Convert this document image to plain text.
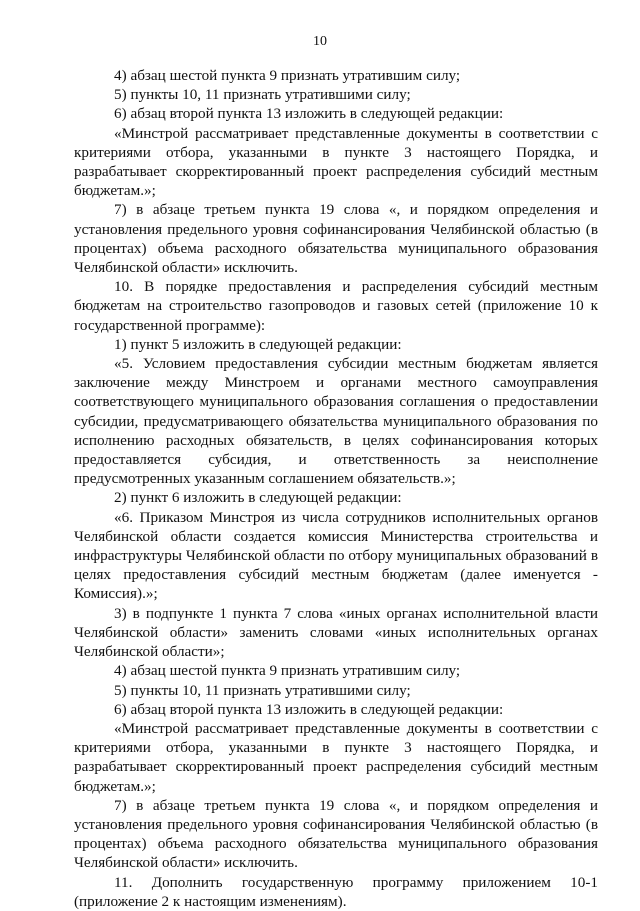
10

4) абзац шестой пункта 9 признать утратившим силу;

5) пункты 10, 11 признать утратившими силу;

6) абзац второй пункта 13 изложить в следующей редакции:

«Минстрой рассматривает представленные документы в соответствии с критериями отбора, указанными в пункте 3 настоящего Порядка, и разрабатывает скорректированный проект распределения субсидий местным бюджетам.»;

7) в абзаце третьем пункта 19 слова «, и порядком определения и установления предельного уровня софинансирования Челябинской областью (в процентах) объема расходного обязательства муниципального образования Челябинской области» исключить.

10. В порядке предоставления и распределения субсидий местным бюджетам на строительство газопроводов и газовых сетей (приложение 10 к государственной программе):

1) пункт 5 изложить в следующей редакции:

«5. Условием предоставления субсидии местным бюджетам является заключение между Минстроем и органами местного самоуправления соответствующего муниципального образования соглашения о предоставлении субсидии, предусматривающего обязательства муниципального образования по исполнению расходных обязательств, в целях софинансирования которых предоставляется субсидия, и ответственность за неисполнение предусмотренных указанным соглашением обязательств.»;

2) пункт 6 изложить в следующей редакции:

«6. Приказом Минстроя из числа сотрудников исполнительных органов Челябинской области создается комиссия Министерства строительства и инфраструктуры Челябинской области по отбору муниципальных образований в целях предоставления субсидий местным бюджетам (далее именуется - Комиссия).»;

3) в подпункте 1 пункта 7 слова «иных органах исполнительной власти Челябинской области» заменить словами «иных исполнительных органах Челябинской области»;

4) абзац шестой пункта 9 признать утратившим силу;

5) пункты 10, 11 признать утратившими силу;

6) абзац второй пункта 13 изложить в следующей редакции:

«Минстрой рассматривает представленные документы в соответствии с критериями отбора, указанными в пункте 3 настоящего Порядка, и разрабатывает скорректированный проект распределения субсидий местным бюджетам.»;

7) в абзаце третьем пункта 19 слова «, и порядком определения и установления предельного уровня софинансирования Челябинской областью (в процентах) объема расходного обязательства муниципального образования Челябинской области» исключить.

11. Дополнить государственную программу приложением 10-1 (приложение 2 к настоящим изменениям).
